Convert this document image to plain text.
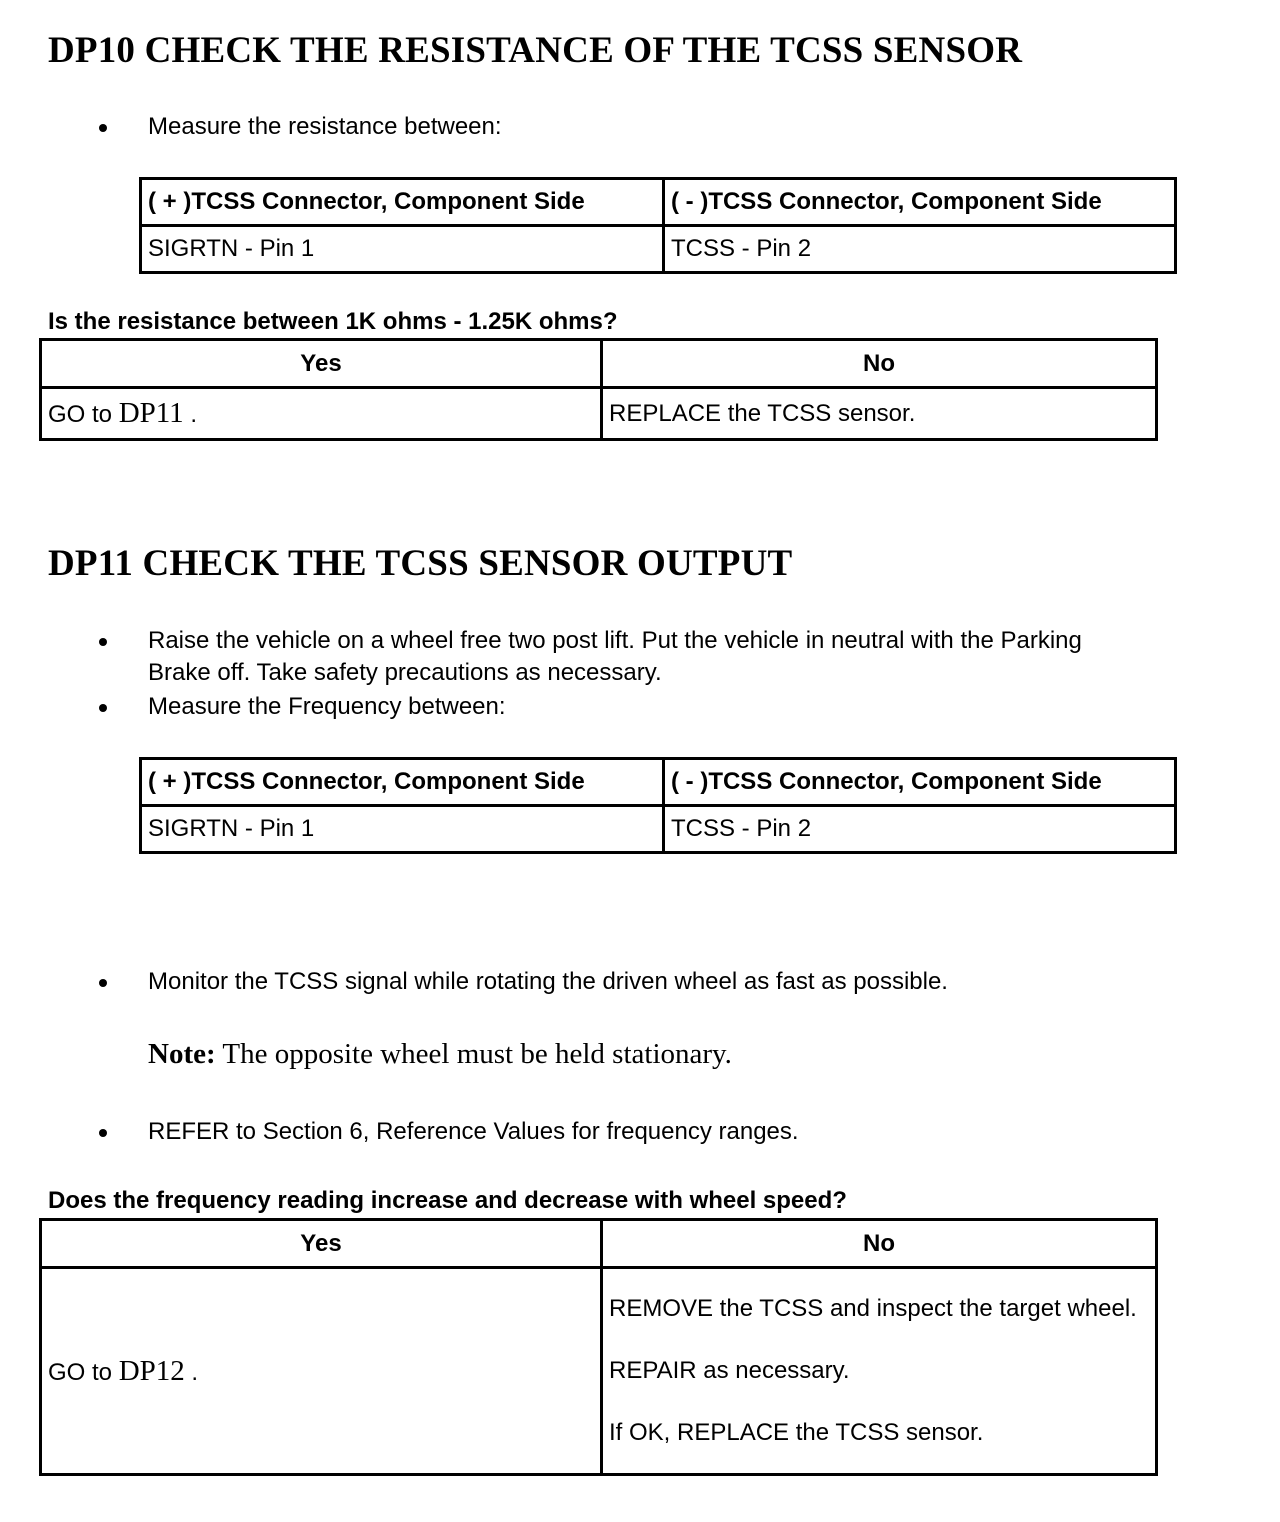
DP10 CHECK THE RESISTANCE OF THE TCSS SENSOR
Measure the resistance between:
( + )TCSS Connector, Component Side	( - )TCSS Connector, Component Side
SIGRTN - Pin 1	TCSS - Pin 2
Is the resistance between 1K ohms - 1.25K ohms?
Yes	No
GO to DP11 .	REPLACE the TCSS sensor.
DP11 CHECK THE TCSS SENSOR OUTPUT
Raise the vehicle on a wheel free two post lift. Put the vehicle in neutral with the Parking
Brake off. Take safety precautions as necessary.
Measure the Frequency between:
( + )TCSS Connector, Component Side	( - )TCSS Connector, Component Side
SIGRTN - Pin 1	TCSS - Pin 2
Monitor the TCSS signal while rotating the driven wheel as fast as possible.
Note: The opposite wheel must be held stationary.
REFER to Section 6, Reference Values for frequency ranges.
Does the frequency reading increase and decrease with wheel speed?
Yes	No
GO to DP12 .	REMOVE the TCSS and inspect the target wheel.

REPAIR as necessary.

If OK, REPLACE the TCSS sensor.
